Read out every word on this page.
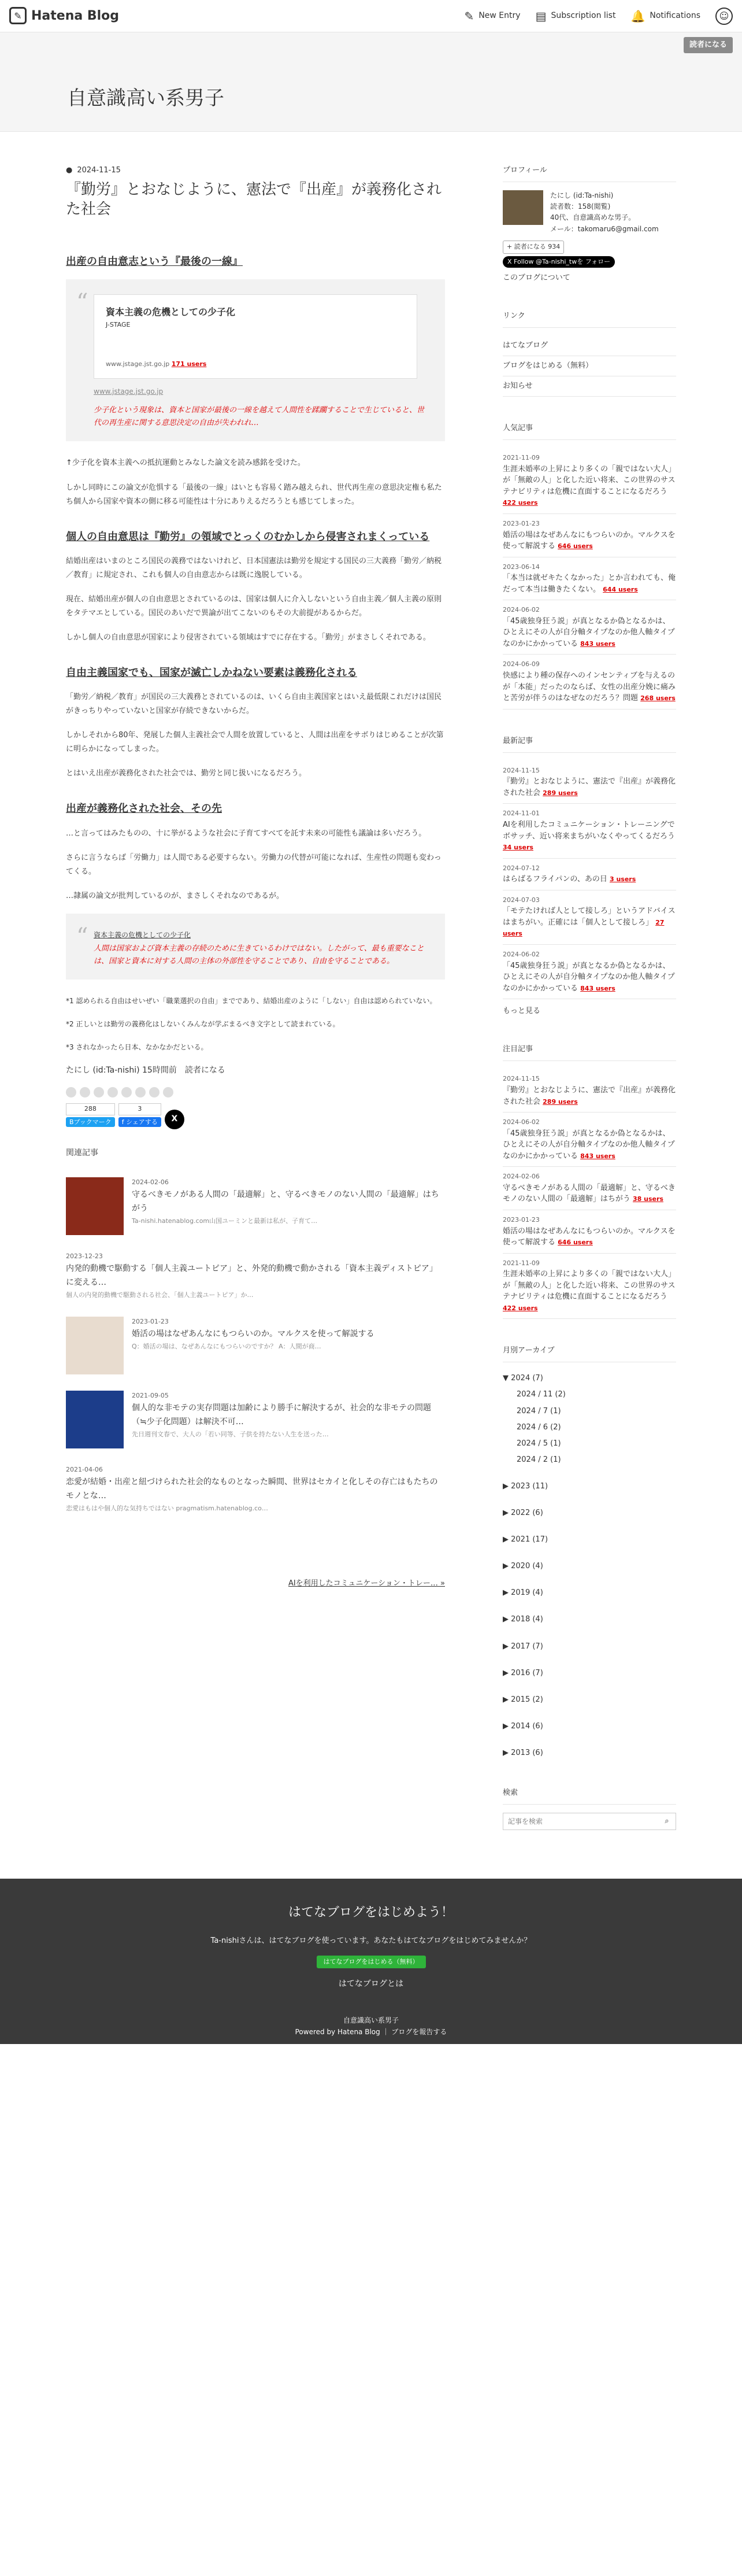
✎ Hatena Blog	✎ New Entry ▤ Subscription list 🔔 Notifications	☺
読者になる
自意識高い系男子
● 2024-11-15
『勤労』とおなじように、憲法で『出産』が義務化された社会
出産の自由意志という『最後の一線』
“ 資本主義の危機としての少子化
J-STAGE
www.jstage.jst.go.jp 171 users
www.jstage.jst.go.jp
少子化という現象は、資本と国家が最後の一線を越えて人間性を蹂躙することで生じていると、世代の再生産に関する意思決定の自由が失われれ…

↑少子化を資本主義への抵抗運動とみなした論文を読み感銘を受けた。

しかし同時にこの論文が危惧する「最後の一線」はいとも容易く踏み越えられ、世代再生産の意思決定権も私たち個人から国家や資本の側に移る可能性は十分にありえるだろうとも感じてしまった。

個人の自由意思は『勤労』の領域でとっくのむかしから侵害されまくっている

結婚出産はいまのところ国民の義務ではないけれど、日本国憲法は勤労を規定する国民の三大義務「勤労／納税／教育」に規定され、これも個人の自由意志からは既に逸脱している。

現在、結婚出産が個人の自由意思とされているのは、国家は個人に介入しないという自由主義／個人主義の原則をタテマエとしている。国民のあいだで異論が出てこないのもその大前提があるからだ。

しかし個人の自由意思が国家により侵害されている領域はすでに存在する。「勤労」がまさしくそれである。

自由主義国家でも、国家が滅亡しかねない要素は義務化される

「勤労／納税／教育」が国民の三大義務とされているのは、いくら自由主義国家とはいえ最低限これだけは国民がきっちりやっていないと国家が存続できないからだ。

しかしそれから80年、発展した個人主義社会で人間を放置していると、人間は出産をサボりはじめることが次第に明らかになってしまった。

とはいえ出産が義務化された社会では、勤労と同じ扱いになるだろう。

出産が義務化された社会、その先

…と言ってはみたものの、十に挙がるような社会に子育てすべてを託す未来の可能性も議論は多いだろう。

さらに言うならば「労働力」は人間である必要すらない。労働力の代替が可能になれば、生産性の問題も変わってくる。

…隷属の論文が批判しているのが、まさしくそれなのであるが。

“ 資本主義の危機としての少子化
人間は国家および資本主義の存続のために生きているわけではない。したがって、最も重要なことは、国家と資本に対する人間の主体の外部性を守ることであり、自由を守ることである。

*1 認められる自由はせいぜい「職業選択の自由」までであり、結婚出産のように「しない」自由は認められていない。

*2 正しいとは勤労の義務化はしないくみんなが学ぶまるべき文字として読まれている。

*3 されなかったら日本、なかなかだといる。

たにし (id:Ta-nishi) 15時間前　読者になる
288
Bブックマーク
3
f シェアする	X
関連記事
2024-02-06
守るべきモノがある人間の「最適解」と、守るべきモノのない人間の「最適解」はちがう
Ta-nishi.hatenablog.com山国ユーミンと最新は私が、子育て…
2023-12-23
内発的動機で駆動する「個人主義ユートピア」と、外発的動機で動かされる「資本主義ディストピア」に変える…
個人の内発的動機で駆動される社会、「個人主義ユートピア」か…
2023-01-23
婚活の場はなぜあんなにもつらいのか。マルクスを使って解説する
Q：婚活の場は、なぜあんなにもつらいのですか？ A：人間が商…
2021-09-05
個人的な非モテの実存問題は加齢により勝手に解決するが、社会的な非モテの問題（≒少子化問題）は解決不可…
先日週刊文春で、大人の「若い同等、子供を持たない人生を送った…
2021-04-06
恋愛が結婚・出産と紐づけられた社会的なものとなった瞬間、世界はセカイと化しその存亡はもたちのモノとな…
恋愛はもはや個人的な気持ちではない pragmatism.hatenablog.co…
AIを利用したコミュニケーション・トレー… »
プロフィール
たにし (id:Ta-nishi)
読者数：158(閲覧)
40代、自意識高めな男子。
メール：takomaru6@gmail.com
+ 読者になる 934
X Follow @Ta-nishi_twを フォロー
このブログについて
リンク
はてなブログ
ブログをはじめる（無料）
お知らせ
人気記事
2021-11-09
生涯未婚率の上昇により多くの「親ではない大人」が「無敵の人」と化した近い将来、この世界のサステナビリティは危機に直面することになるだろう 422 users
2023-01-23
婚活の場はなぜあんなにもつらいのか。マルクスを使って解説する 646 users
2023-06-14
「本当は就ゼキたくなかった」とか言われても、俺だって本当は働きたくない。 644 users
2024-06-02
「45歳独身狂う説」が真となるか偽となるかは、ひとえにその人が自分軸タイプなのか他人軸タイプなのかにかかっている 843 users
2024-06-09
快感により種の保存へのインセンティブを与えるのが「本能」だったのならば、女性の出産分娩に痛みと苦労が伴うのはなぜなのだろう？問題 268 users
最新記事
2024-11-15
『勤労』とおなじように、憲法で『出産』が義務化された社会 289 users
2024-11-01
AIを利用したコミュニケーション・トレーニングでボサッチ、近い将来まちがいなくやってくるだろう 34 users
2024-07-12
はらばるフライパンの、あの日 3 users
2024-07-03
「モテたければ人として接しろ」というアドバイスはまちがい。正確には「個人として接しろ」 27 users
2024-06-02
「45歳独身狂う説」が真となるか偽となるかは、ひとえにその人が自分軸タイプなのか他人軸タイプなのかにかかっている 843 users
もっと見る
注目記事
2024-11-15
『勤労』とおなじように、憲法で『出産』が義務化された社会 289 users
2024-06-02
「45歳独身狂う説」が真となるか偽となるかは、ひとえにその人が自分軸タイプなのか他人軸タイプなのかにかかっている 843 users
2024-02-06
守るべきモノがある人間の「最適解」と、守るべきモノのない人間の「最適解」はちがう 38 users
2023-01-23
婚活の場はなぜあんなにもつらいのか。マルクスを使って解説する 646 users
2021-11-09
生涯未婚率の上昇により多くの「親ではない大人」が「無敵の人」と化した近い将来、この世界のサステナビリティは危機に直面することになるだろう 422 users
月別アーカイブ
▼ 2024 (7)
2024 / 11 (2)
2024 / 7 (1)
2024 / 6 (2)
2024 / 5 (1)
2024 / 2 (1)
▶ 2023 (11)
▶ 2022 (6)
▶ 2021 (17)
▶ 2020 (4)
▶ 2019 (4)
▶ 2018 (4)
▶ 2017 (7)
▶ 2016 (7)
▶ 2015 (2)
▶ 2014 (6)
▶ 2013 (6)
検索
記事を検索
⌕
はてなブログをはじめよう！
Ta-nishiさんは、はてなブログを使っています。あなたもはてなブログをはじめてみませんか？
はてなブログをはじめる（無料）
はてなブログとは
自意識高い系男子
Powered by Hatena Blog ｜ ブログを報告する
